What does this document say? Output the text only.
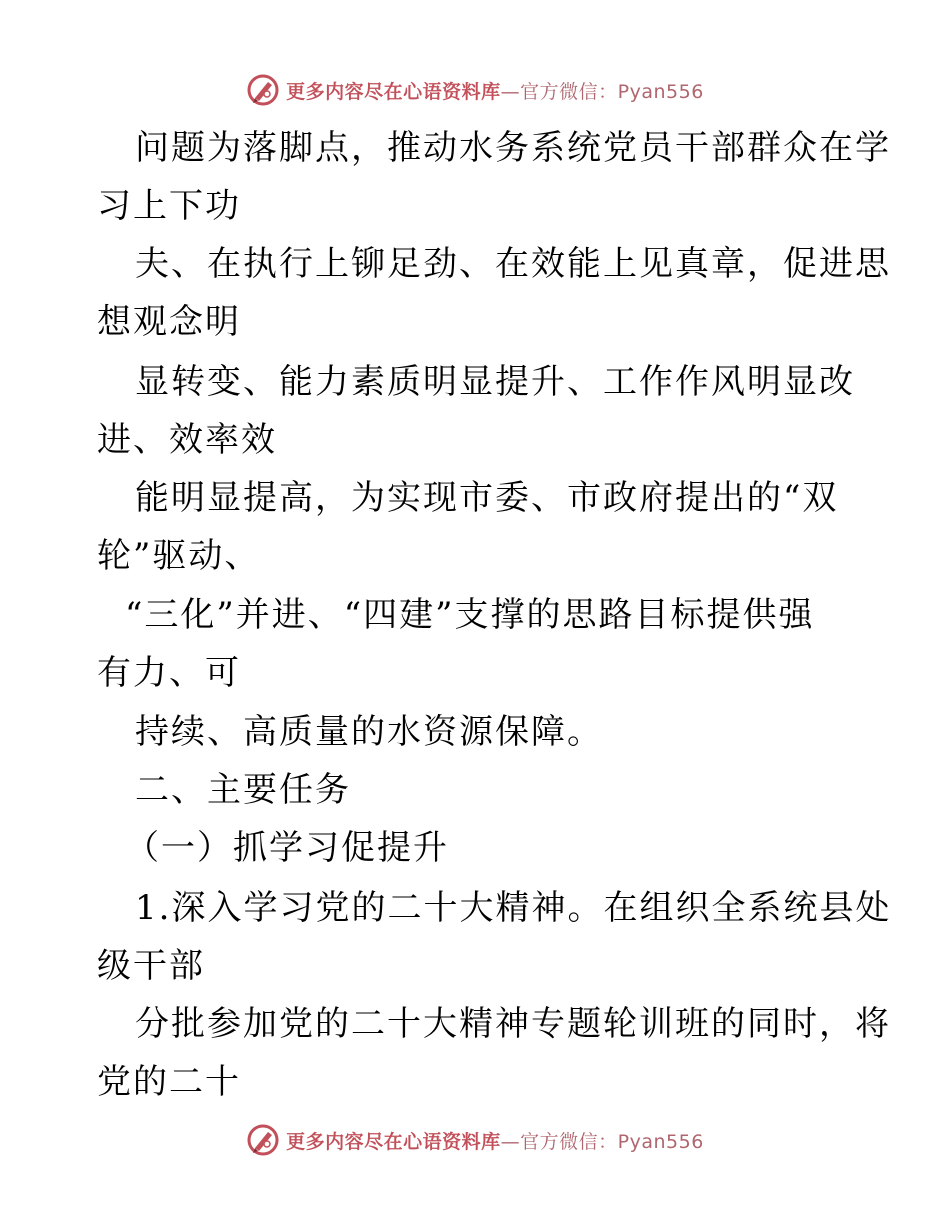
更多内容尽在心语资料库—官方微信：Pyan556
问题为落脚点，推动水务系统党员干部群众在学
习上下功
夫、在执行上铆足劲、在效能上见真章，促进思
想观念明
显转变、能力素质明显提升、工作作风明显改
进、效率效
能明显提高，为实现市委、市政府提出的“双
轮”驱动、
“三化”并进、“四建”支撑的思路目标提供强
有力、可
持续、高质量的水资源保障。
二、主要任务
（一）抓学习促提升
1.深入学习党的二十大精神。在组织全系统县处
级干部
分批参加党的二十大精神专题轮训班的同时，将
党的二十
更多内容尽在心语资料库—官方微信：Pyan556
